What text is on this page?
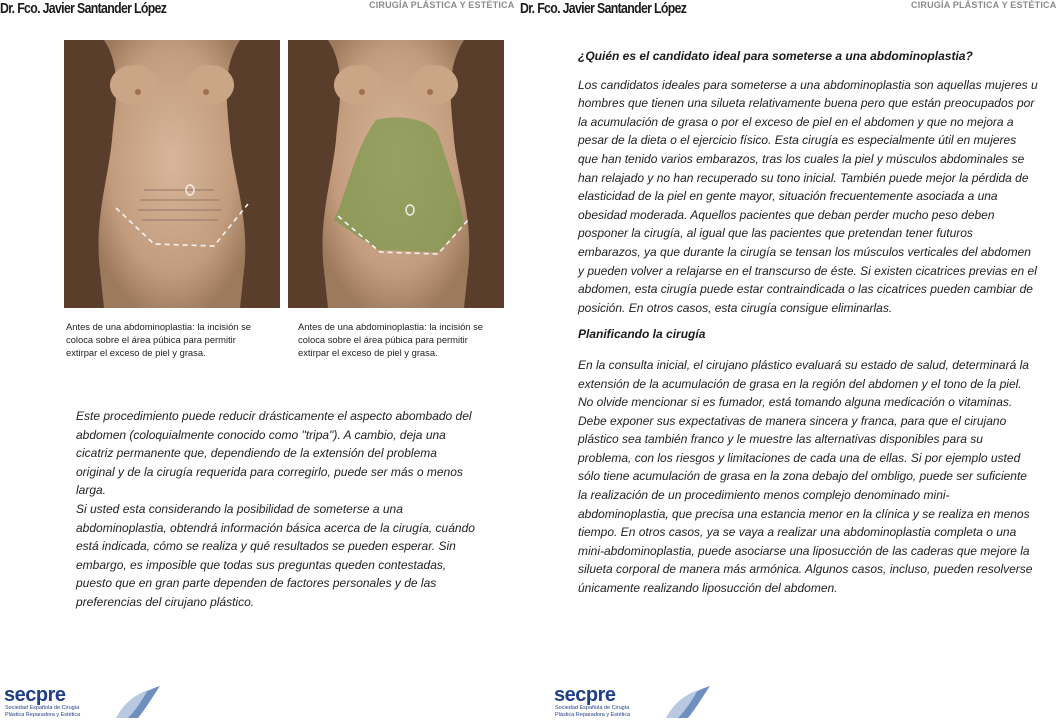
Dr. Fco. Javier Santander López	CIRUGÍA PLÁSTICA Y ESTÉTICA
Antes de una abdominoplastia: la incisión se coloca sobre el área púbica para permitir extirpar el exceso de piel y grasa.
Antes de una abdominoplastia: la incisión se coloca sobre el área púbica para permitir extirpar el exceso de piel y grasa.

Este procedimiento puede reducir drásticamente el aspecto abombado del abdomen (coloquialmente conocido como "tripa"). A cambio, deja una cicatriz permanente que, dependiendo de la extensión del problema original y de la cirugía requerida para corregirlo, puede ser más o menos larga.

Si usted esta considerando la posibilidad de someterse a una abdominoplastia, obtendrá información básica acerca de la cirugía, cuándo está indicada, cómo se realiza y qué resultados se pueden esperar. Sin embargo, es imposible que todas sus preguntas queden contestadas, puesto que en gran parte dependen de factores personales y de las preferencias del cirujano plástico.

secpre
Sociedad Española de Cirugía
Plástica Reparadora y Estética
Dr. Fco. Javier Santander López	CIRUGÍA PLÁSTICA Y ESTÉTICA

¿Quién es el candidato ideal para someterse a una abdominoplastia?

Los candidatos ideales para someterse a una abdominoplastia son aquellas mujeres u hombres que tienen una silueta relativamente buena pero que están preocupados por la acumulación de grasa o por el exceso de piel en el abdomen y que no mejora a pesar de la dieta o el ejercicio físico. Esta cirugía es especialmente útil en mujeres que han tenido varios embarazos, tras los cuales la piel y músculos abdominales se han relajado y no han recuperado su tono inicial. También puede mejor la pérdida de elasticidad de la piel en gente mayor, situación frecuentemente asociada a una obesidad moderada. Aquellos pacientes que deban perder mucho peso deben posponer la cirugía, al igual que las pacientes que pretendan tener futuros embarazos, ya que durante la cirugía se tensan los músculos verticales del abdomen y pueden volver a relajarse en el transcurso de éste. Si existen cicatrices previas en el abdomen, esta cirugía puede estar contraindicada o las cicatrices pueden cambiar de posición. En otros casos, esta cirugía consigue eliminarlas.

Planificando la cirugía

En la consulta inicial, el cirujano plástico evaluará su estado de salud, determinará la extensión de la acumulación de grasa en la región del abdomen y el tono de la piel. No olvide mencionar si es fumador, está tomando alguna medicación o vitaminas. Debe exponer sus expectativas de manera sincera y franca, para que el cirujano plástico sea también franco y le muestre las alternativas disponibles para su problema, con los riesgos y limitaciones de cada una de ellas. Si por ejemplo usted sólo tiene acumulación de grasa en la zona debajo del ombligo, puede ser suficiente la realización de un procedimiento menos complejo denominado mini-abdominoplastia, que precisa una estancia menor en la clínica y se realiza en menos tiempo. En otros casos, ya se vaya a realizar una abdominoplastia completa o una mini-abdominoplastia, puede asociarse una liposucción de las caderas que mejore la silueta corporal de manera más armónica. Algunos casos, incluso, pueden resolverse únicamente realizando liposucción del abdomen.

secpre
Sociedad Española de Cirugía
Plástica Reparadora y Estética
